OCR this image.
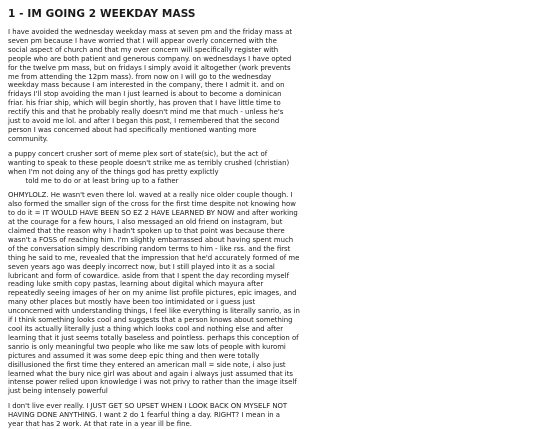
1 - IM GOING 2 WEEKDAY MASS

I have avoided the wednesday weekday mass at seven pm and the friday mass at seven pm because I have worried that I will appear overly concerned with the social aspect of church and that my over concern will specifically register with people who are both patient and generous company. on wednesdays I have opted for the twelve pm mass, but on fridays I simply avoid it altogether (work prevents me from attending the 12pm mass). from now on I will go to the wednesday weekday mass because I am interested in the company, there I admit it. and on fridays I'll stop avoiding the man I just learned is about to become a dominican friar. his friar ship, which will begin shortly, has proven that I have little time to rectify this and that he probably really doesn't mind me that much - unless he's                         just to avoid me lol. and after I began this post, I remembered that the second person I was concerned about had specifically mentioned wanting more community.

a puppy concert crusher sort of meme plex sort of state(sic), but the act of wanting to speak to these people doesn't strike me as terribly crushed (christian) when I'm not doing any of the things god has pretty explictly
told me to do or at least bring up to a father

OHMYLOLZ. He wasn't even there lol. waved at a really nice older couple though. I also formed the smaller sign of the cross for the first time despite not knowing how to do it = IT WOULD HAVE BEEN SO EZ 2 HAVE LEARNED BY NOW and after working at the courage for a few hours, I also messaged an old friend on instagram, but claimed that the reason why I hadn't spoken up to that point was because there wasn't a FOSS of reaching him. I'm slightly embarrassed about having spent much of the conversation simply describing random terms to him - like rss. and the first thing he said to me, revealed that the impression that he'd accurately formed of me seven years ago was deeply incorrect now, but I still played into it as a social lubricant and form of cowardice. aside from that I spent the day recording myself reading luke smith copy pastas, learning about digital which mayura after repeatedly seeing images of her on my anime list profile pictures, epic images, and many other places but mostly have been too intimidated or i guess just unconcerned with understanding things, I feel like everything is literally sanrio, as in if I think something looks cool and suggests that a person knows about something cool its actually literally just a thing which looks cool and nothing else and after learning that it just seems totally baseless and pointless. perhaps this conception of sanrio is only meaningful two people who like me saw lots of people with kuromi pictures and assumed it was some deep epic thing and then were totally disillusioned the first time they entered an american mall = side note, i also just learned what the bury nice girl was about and again i always just assumed that its intense power relied upon knowledge i was not privy to rather than the image itself just being intensely powerful

I don't live ever really. I JUST GET SO UPSET WHEN I LOOK BACK ON MYSELF NOT HAVING DONE ANYTHING. I want 2 do 1 fearful thing a day. RIGHT? I mean in a year that has 2 work. At that rate in a year ill be fine.
